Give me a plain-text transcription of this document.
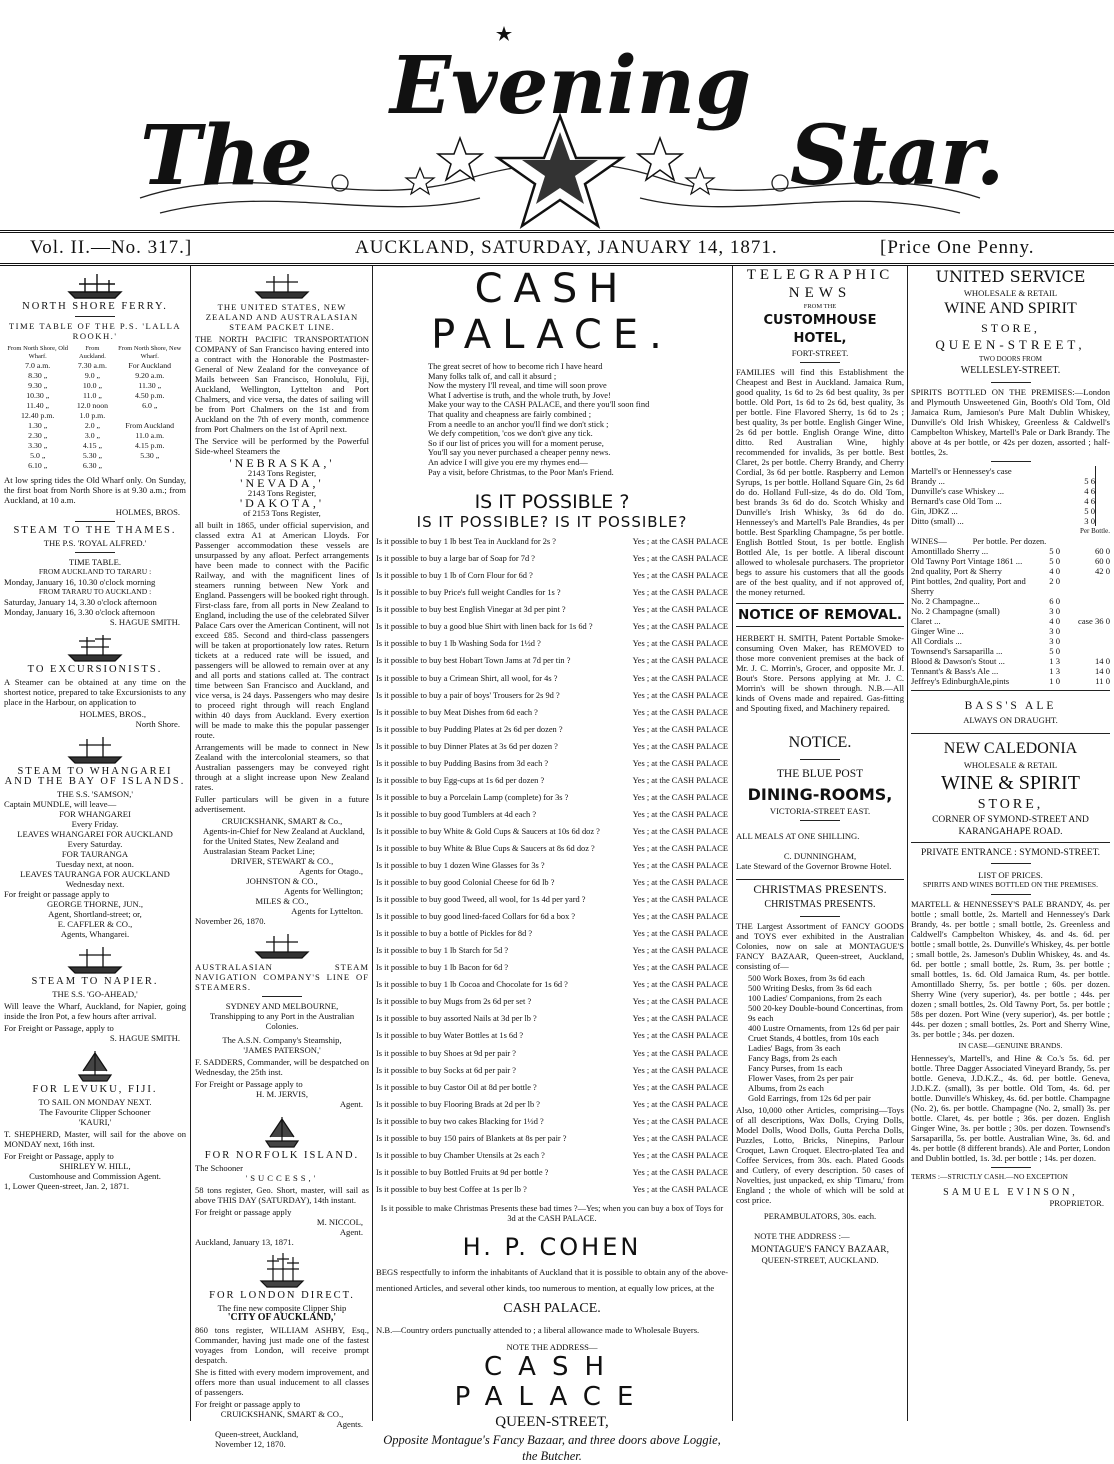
The
Evening
Star.
Vol. II.—No. 317.]	AUCKLAND, SATURDAY, JANUARY 14, 1871.	[Price One Penny.
NORTH SHORE FERRY.
TIME TABLE OF THE P.S. 'LALLA ROOKH.'
From North Shore, Old Wharf.	From Auckland.	From North Shore, New Wharf.
7.0 a.m.	7.30 a.m.	For Auckland
8.30 „	9.0 „	9.20 a.m.
9.30 „	10.0 „	11.30 „
10.30 „	11.0 „	4.50 p.m.
11.40 „	12.0 noon	6.0 „
12.40 p.m.	1.0 p.m.	
1.30 „	2.0 „	From Auckland
2.30 „	3.0 „	11.0 a.m.
3.30 „	4.15 „	4.15 p.m.
5.0 „	5.30 „	5.30 „
6.10 „	6.30 „	

At low spring tides the Old Wharf only. On Sunday, the first boat from North Shore is at 9.30 a.m.; from Auckland, at 10 a.m.

HOLMES, BROS.
STEAM TO THE THAMES.
THE P.S. 'ROYAL ALFRED.'
TIME TABLE.
FROM AUCKLAND TO TARARU :
Monday, January 16, 10.30 o'clock morning
FROM TARARU TO AUCKLAND :
Saturday, January 14, 3.30 o'clock afternoon
Monday, January 16, 3.30 o'clock afternoon
S. HAGUE SMITH.
TO EXCURSIONISTS.

A Steamer can be obtained at any time on the shortest notice, prepared to take Excursionists to any place in the Harbour, on application to

HOLMES, BROS.,
North Shore.
STEAM TO WHANGAREI AND THE BAY OF ISLANDS.
THE S.S. 'SAMSON,'
Captain MUNDLE, will leave—
FOR WHANGAREI
Every Friday.
LEAVES WHANGAREI FOR AUCKLAND
Every Saturday.
FOR TAURANGA
Tuesday next, at noon.
LEAVES TAURANGA FOR AUCKLAND
Wednesday next.
For freight or passage apply to
GEORGE THORNE, JUN.,
Agent, Shortland-street; or,
E. CAFFLER & CO.,
Agents, Whangarei.
STEAM TO NAPIER.
THE S.S. 'GO-AHEAD,'

Will leave the Wharf, Auckland, for Napier, going inside the Iron Pot, a few hours after arrival.

For Freight or Passage, apply to
S. HAGUE SMITH.
FOR LEVUKU, FIJI.
TO SAIL ON MONDAY NEXT.
The Favourite Clipper Schooner
'KAURI,'

T. SHEPHERD, Master, will sail for the above on MONDAY next, 16th inst.

For Freight or Passage, apply to
SHIRLEY W. HILL,
Customhouse and Commission Agent.
1, Lower Queen-street, Jan. 2, 1871.
THE UNITED STATES, NEW ZEALAND AND AUSTRALASIAN STEAM PACKET LINE.

THE NORTH PACIFIC TRANSPORTATION COMPANY of San Francisco having entered into a contract with the Honorable the Postmaster-General of New Zealand for the conveyance of Mails between San Francisco, Honolulu, Fiji, Auckland, Wellington, Lyttelton and Port Chalmers, and vice versa, the dates of sailing will be from Port Chalmers on the 1st and from Auckland on the 7th of every month, commence from Port Chalmers on the 1st of April next.

The Service will be performed by the Powerful Side-wheel Steamers the

'NEBRASKA,'
2143 Tons Register,
'NEVADA,'
2143 Tons Register,
'DAKOTA,'
of 2153 Tons Register,

all built in 1865, under official supervision, and classed extra A1 at American Lloyds. For Passenger accommodation these vessels are unsurpassed by any afloat. Perfect arrangements have been made to connect with the Pacific Railway, and with the magnificent lines of steamers running between New York and England. Passengers will be booked right through. First-class fare, from all ports in New Zealand to England, including the use of the celebrated Silver Palace Cars over the American Continent, will not exceed £85. Second and third-class passengers will be taken at proportionately low rates. Return tickets at a reduced rate will be issued, and passengers will be allowed to remain over at any and all ports and stations called at. The contract time between San Francisco and Auckland, and vice versa, is 24 days. Passengers who may desire to proceed right through will reach England within 40 days from Auckland. Every exertion will be made to make this the popular passenger route.

Arrangements will be made to connect in New Zealand with the intercolonial steamers, so that Australian passengers may be conveyed right through at a slight increase upon New Zealand rates.

Fuller particulars will be given in a future advertisement.

CRUICKSHANK, SMART & Co.,
Agents-in-Chief for New Zealand at Auckland, for the United States, New Zealand and Australasian Steam Packet Line;
DRIVER, STEWART & CO.,
Agents for Otago.,
JOHNSTON & CO.,
Agents for Wellington;
MILES & CO.,
Agents for Lyttelton.
November 26, 1870.

AUSTRALASIAN STEAM NAVIGATION COMPANY'S LINE OF STEAMERS.

SYDNEY AND MELBOURNE,
Transhipping to any Port in the Australian Colonies.
The A.S.N. Company's Steamship,
'JAMES PATERSON,'

F. SADDERS, Commander, will be despatched on Wednesday, the 25th inst.

For Freight or Passage apply to
H. M. JERVIS,
Agent.
FOR NORFOLK ISLAND.
The Schooner
'SUCCESS,'

58 tons register, Geo. Short, master, will sail as above THIS DAY (SATURDAY), 14th instant.

For freight or passage apply
M. NICCOL,
Agent.
Auckland, January 13, 1871.
FOR LONDON DIRECT.
The fine new composite Clipper Ship
'CITY OF AUCKLAND,'

860 tons register, WILLIAM ASHBY, Esq., Commander, having just made one of the fastest voyages from London, will receive prompt despatch.

She is fitted with every modern improvement, and offers more than usual inducement to all classes of passengers.

For freight or passage apply to
CRUICKSHANK, SMART & CO.,
Agents.
Queen-street, Auckland,
November 12, 1870.
CASH PALACE.
The great secret of how to become rich I have heard
Many folks talk of, and call it absurd ;
Now the mystery I'll reveal, and time will soon prove
What I advertise is truth, and the whole truth, by Jove!
Make your way to the CASH PALACE, and there you'll soon find
That quality and cheapness are fairly combined ;
From a needle to an anchor you'll find we don't stick ;
We defy competition, 'cos we don't give any tick.
So if our list of prices you will for a moment peruse,
You'll say you never purchased a cheaper penny news.
An advice I will give you ere my rhymes end—
Pay a visit, before Christmas, to the Poor Man's Friend.
IS IT POSSIBLE ?
IS IT POSSIBLE? IS IT POSSIBLE?
Is it possible to buy 1 lb best Tea in Auckland for 2s ?	Yes ; at the CASH PALACE
Is it possible to buy a large bar of Soap for 7d ?	Yes ; at the CASH PALACE
Is it possible to buy 1 lb of Corn Flour for 6d ?	Yes ; at the CASH PALACE
Is it possible to buy Price's full weight Candles for 1s ?	Yes ; at the CASH PALACE
Is it possible to buy best English Vinegar at 3d per pint ?	Yes ; at the CASH PALACE
Is it possible to buy a good blue Shirt with linen back for 1s 6d ?	Yes ; at the CASH PALACE
Is it possible to buy 1 lb Washing Soda for 1½d ?	Yes ; at the CASH PALACE
Is it possible to buy best Hobart Town Jams at 7d per tin ?	Yes ; at the CASH PALACE
Is it possible to buy a Crimean Shirt, all wool, for 4s ?	Yes ; at the CASH PALACE
Is it possible to buy a pair of boys' Trousers for 2s 9d ?	Yes ; at the CASH PALACE
Is it possible to buy Meat Dishes from 6d each ?	Yes ; at the CASH PALACE
Is it possible to buy Pudding Plates at 2s 6d per dozen ?	Yes ; at the CASH PALACE
Is it possible to buy Dinner Plates at 3s 6d per dozen ?	Yes ; at the CASH PALACE
Is it possible to buy Pudding Basins from 3d each ?	Yes ; at the CASH PALACE
Is it possible to buy Egg-cups at 1s 6d per dozen ?	Yes ; at the CASH PALACE
Is it possible to buy a Porcelain Lamp (complete) for 3s ?	Yes ; at the CASH PALACE
Is it possible to buy good Tumblers at 4d each ?	Yes ; at the CASH PALACE
Is it possible to buy White & Gold Cups & Saucers at 10s 6d doz ?	Yes ; at the CASH PALACE
Is it possible to buy White & Blue Cups & Saucers at 8s 6d doz ?	Yes ; at the CASH PALACE
Is it possible to buy 1 dozen Wine Glasses for 3s ?	Yes ; at the CASH PALACE
Is it possible to buy good Colonial Cheese for 6d lb ?	Yes ; at the CASH PALACE
Is it possible to buy good Tweed, all wool, for 1s 4d per yard ?	Yes ; at the CASH PALACE
Is it possible to buy good lined-faced Collars for 6d a box ?	Yes ; at the CASH PALACE
Is it possible to buy a bottle of Pickles for 8d ?	Yes ; at the CASH PALACE
Is it possible to buy 1 lb Starch for 5d ?	Yes ; at the CASH PALACE
Is it possible to buy 1 lb Bacon for 6d ?	Yes ; at the CASH PALACE
Is it possible to buy 1 lb Cocoa and Chocolate for 1s 6d ?	Yes ; at the CASH PALACE
Is it possible to buy Mugs from 2s 6d per set ?	Yes ; at the CASH PALACE
Is it possible to buy assorted Nails at 3d per lb ?	Yes ; at the CASH PALACE
Is it possible to buy Water Bottles at 1s 6d ?	Yes ; at the CASH PALACE
Is it possible to buy Shoes at 9d per pair ?	Yes ; at the CASH PALACE
Is it possible to buy Socks at 6d per pair ?	Yes ; at the CASH PALACE
Is it possible to buy Castor Oil at 8d per bottle ?	Yes ; at the CASH PALACE
Is it possible to buy Flooring Brads at 2d per lb ?	Yes ; at the CASH PALACE
Is it possible to buy two cakes Blacking for 1½d ?	Yes ; at the CASH PALACE
Is it possible to buy 150 pairs of Blankets at 8s per pair ?	Yes ; at the CASH PALACE
Is it possible to buy Chamber Utensils at 2s each ?	Yes ; at the CASH PALACE
Is it possible to buy Bottled Fruits at 9d per bottle ?	Yes ; at the CASH PALACE
Is it possible to buy best Coffee at 1s per lb ?	Yes ; at the CASH PALACE

Is it possible to make Christmas Presents these bad times ?—Yes; when you can buy a box of Toys for 3d at the CASH PALACE.

H. P. COHEN

BEGS respectfully to inform the inhabitants of Auckland that it is possible to obtain any of the above-mentioned Articles, and several other kinds, too numerous to mention, at equally low prices, at the

CASH PALACE.

N.B.—Country orders punctually attended to ; a liberal allowance made to Wholesale Buyers.

NOTE THE ADDRESS—
CASH PALACE
QUEEN-STREET,
Opposite Montague's Fancy Bazaar, and three doors above Loggie, the Butcher.
TELEGRAPHIC
NEWS
FROM THE
CUSTOMHOUSE HOTEL,
FORT-STREET.

FAMILIES will find this Establishment the Cheapest and Best in Auckland. Jamaica Rum, good quality, 1s 6d to 2s 6d best quality, 3s per bottle. Old Port, 1s 6d to 2s 6d, best quality, 3s per bottle. Fine Flavored Sherry, 1s 6d to 2s ; best quality, 3s per bottle. English Ginger Wine, 2s 6d per bottle. English Orange Wine, ditto ditto. Red Australian Wine, highly recommended for invalids, 3s per bottle. Best Claret, 2s per bottle. Cherry Brandy, and Cherry Cordial, 3s 6d per bottle. Raspberry and Lemon Syrups, 1s per bottle. Holland Square Gin, 2s 6d do do. Holland Full-size, 4s do do. Old Tom, best brands 3s 6d do do. Scotch Whisky and Dunville's Irish Whisky, 3s 6d do do. Hennessey's and Martell's Pale Brandies, 4s per bottle. Best Sparkling Champagne, 5s per bottle. English Bottled Stout, 1s per bottle. English Bottled Ale, 1s per bottle. A liberal discount allowed to wholesale purchasers. The proprietor begs to assure his customers that all the goods are of the best quality, and if not approved of, the money returned.

NOTICE OF REMOVAL.

HERBERT H. SMITH, Patent Portable Smoke-consuming Oven Maker, has REMOVED to those more convenient premises at the back of Mr. J. C. Morrin's, Grocer, and opposite Mr. J. Bout's Store. Persons applying at Mr. J. C. Morrin's will be shown through. N.B.—All kinds of Ovens made and repaired. Gas-fitting and Spouting fixed, and Machinery repaired.

NOTICE.
THE BLUE POST
DINING-ROOMS,
VICTORIA-STREET EAST.
ALL MEALS AT ONE SHILLING.
C. DUNNINGHAM,
Late Steward of the Governor Browne Hotel.
CHRISTMAS PRESENTS.
CHRISTMAS PRESENTS.

THE Largest Assortment of FANCY GOODS and TOYS ever exhibited in the Australian Colonies, now on sale at MONTAGUE'S FANCY BAZAAR, Queen-street, Auckland, consisting of—

500 Work Boxes, from 3s 6d each
500 Writing Desks, from 3s 6d each
100 Ladies' Companions, from 2s each
500 20-key Double-bound Concertinas, from 9s each
400 Lustre Ornaments, from 12s 6d per pair
Cruet Stands, 4 bottles, from 10s each
Ladies' Bags, from 3s each
Fancy Bags, from 2s each
Fancy Purses, from 1s each
Flower Vases, from 2s per pair
Albums, from 2s each
Gold Earrings, from 12s 6d per pair

Also, 10,000 other Articles, comprising—Toys of all descriptions, Wax Dolls, Crying Dolls, Model Dolls, Wood Dolls, Gutta Percha Dolls, Puzzles, Lotto, Bricks, Ninepins, Parlour Croquet, Lawn Croquet. Electro-plated Tea and Coffee Services, from 30s. each. Plated Goods and Cutlery, of every description. 50 cases of Novelties, just unpacked, ex ship 'Timaru,' from England ; the whole of which will be sold at cost price.

PERAMBULATORS, 30s. each.
NOTE THE ADDRESS :—
MONTAGUE'S FANCY BAZAAR,
QUEEN-STREET, AUCKLAND.
UNITED SERVICE
WHOLESALE & RETAIL
WINE AND SPIRIT
STORE,
QUEEN-STREET,
TWO DOORS FROM
WELLESLEY-STREET.

SPIRITS BOTTLED ON THE PREMISES:—London and Plymouth Unsweetened Gin, Booth's Old Tom, Old Jamaica Rum, Jamieson's Pure Malt Dublin Whiskey, Dunville's Old Irish Whiskey, Greenless & Caldwell's Campbelton Whiskey, Martell's Pale or Dark Brandy. The above at 4s per bottle, or 42s per dozen, assorted ; half-bottles, 2s.

Martell's or Hennessey's case
Brandy ...	5 6
Dunville's case Whiskey ...	4 6
Bernard's case Old Tom ...	4 6
Gin, JDKZ ...	5 0
Ditto (small) ...	3 0
Per Bottle.
WINES—            Per bottle. Per dozen.
Amontillado Sherry ...	5 0	60 0
Old Tawny Port Vintage 1861 ...	5 0	60 0
2nd quality, Port & Sherry	4 0	42 0
Pint bottles, 2nd quality, Port and Sherry
2 0
No. 2 Champagne...	6 0
No. 2 Champagne (small)	3 0
Claret ...	4 0	case 36 0
Ginger Wine ...	3 0
All Cordials ...	3 0
Townsend's Sarsaparilla ...	5 0
Blood & Dawson's Stout ...	1 3	14 0
Tennant's & Bass's Ale ...	1 3	14 0
Jeffrey's EdinburghAle,pints	1 0	11 0
BASS'S ALE
ALWAYS ON DRAUGHT.
NEW CALEDONIA
WHOLESALE & RETAIL
WINE & SPIRIT
STORE,
CORNER OF SYMOND-STREET AND KARANGAHAPE ROAD.
PRIVATE ENTRANCE : SYMOND-STREET.
LIST OF PRICES.
SPIRITS AND WINES BOTTLED ON THE PREMISES.

MARTELL & HENNESSEY'S PALE BRANDY, 4s. per bottle ; small bottle, 2s. Martell and Hennessey's Dark Brandy, 4s. per bottle ; small bottle, 2s. Greenless and Caldwell's Campbelton Whiskey, 4s. and 4s. 6d. per bottle ; small bottle, 2s. Dunville's Whiskey, 4s. per bottle ; small bottle, 2s. Jameson's Dublin Whiskey, 4s. and 4s. 6d. per bottle ; small bottle, 2s. Rum, 3s. per bottle ; small bottles, 1s. 6d. Old Jamaica Rum, 4s. per bottle. Amontillado Sherry, 5s. per bottle ; 60s. per dozen. Sherry Wine (very superior), 4s. per bottle ; 44s. per dozen ; small bottles, 2s. Old Tawny Port, 5s. per bottle ; 58s per dozen. Port Wine (very superior), 4s. per bottle ; 44s. per dozen ; small bottles, 2s. Port and Sherry Wine, 3s. per bottle ; 34s. per dozen.

IN CASE—GENUINE BRANDS.

Hennessey's, Martell's, and Hine & Co.'s 5s. 6d. per bottle. Three Dagger Associated Vineyard Brandy, 5s. per bottle. Geneva, J.D.K.Z., 4s. 6d. per bottle. Geneva, J.D.K.Z. (small), 3s per bottle. Old Tom, 4s. 6d. per bottle. Dunville's Whiskey, 4s. 6d. per bottle. Champagne (No. 2), 6s. per bottle. Champagne (No. 2, small) 3s. per bottle. Claret, 4s. per bottle ; 36s. per dozen. English Ginger Wine, 3s. per bottle ; 30s. per dozen. Townsend's Sarsaparilla, 5s. per bottle. Australian Wine, 3s. 6d. and 4s. per bottle (8 different brands). Ale and Porter, London and Dublin bottled, 1s. 3d. per bottle ; 14s. per dozen.

TERMS :—STRICTLY CASH.—NO EXCEPTION
SAMUEL EVINSON,
PROPRIETOR.
